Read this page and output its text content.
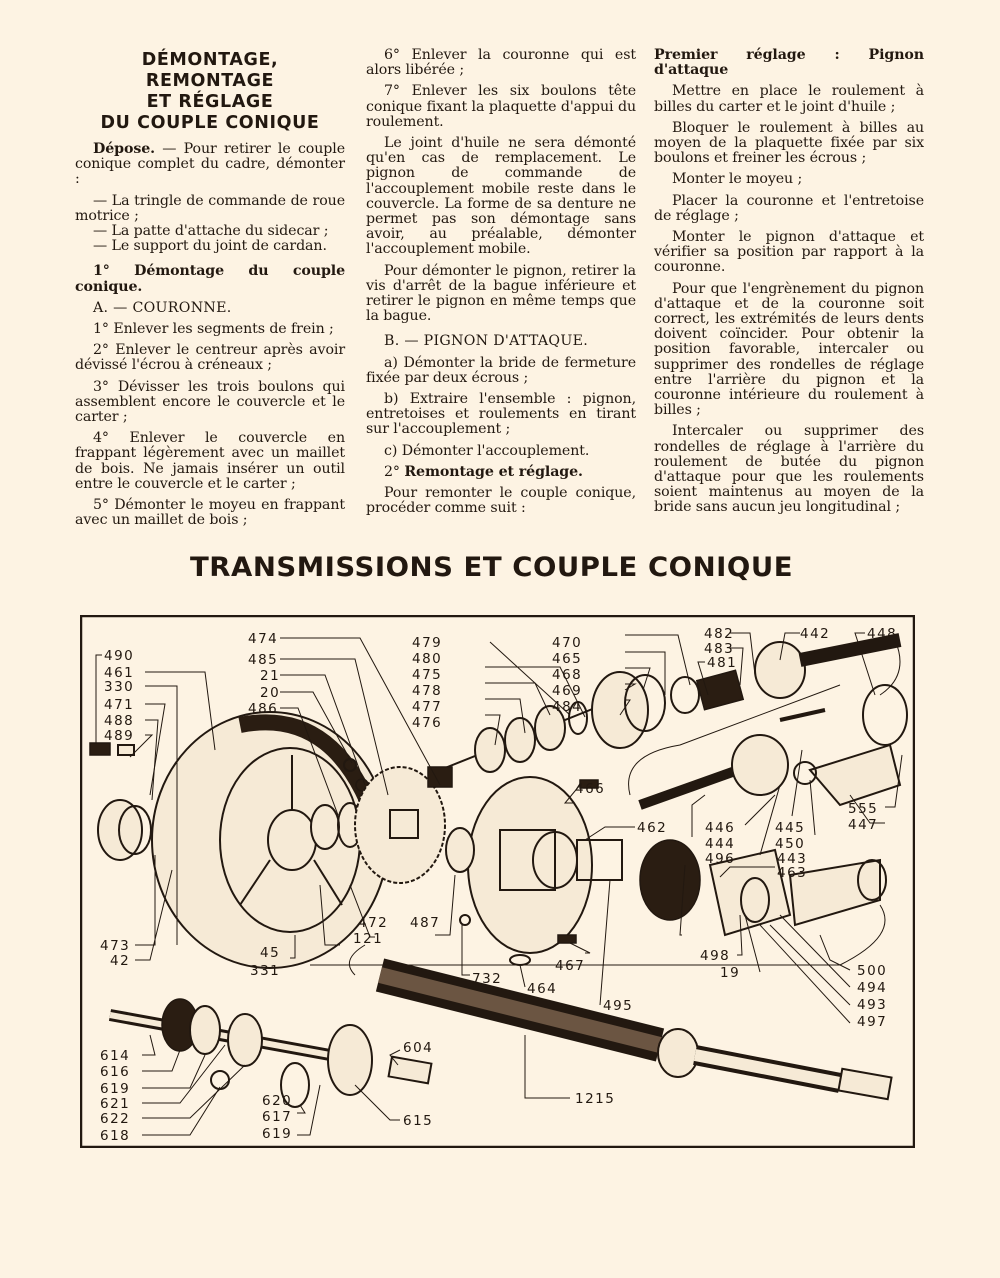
DÉMONTAGE, REMONTAGE
ET RÉGLAGE
DU COUPLE CONIQUE

Dépose. — Pour retirer le couple conique complet du cadre, démonter :

— La tringle de commande de roue motrice ;

— La patte d'attache du sidecar ;

— Le support du joint de cardan.

1° Démontage du couple conique.

A. — COURONNE.

1° Enlever les segments de frein ;

2° Enlever le centreur après avoir dévissé l'écrou à créneaux ;

3° Dévisser les trois boulons qui assemblent encore le couvercle et le carter ;

4° Enlever le couvercle en frappant légèrement avec un maillet de bois. Ne jamais insérer un outil entre le couvercle et le carter ;

5° Démonter le moyeu en frappant avec un maillet de bois ;

6° Enlever la couronne qui est alors libérée ;

7° Enlever les six boulons tête conique fixant la plaquette d'appui du roulement.

Le joint d'huile ne sera démonté qu'en cas de remplacement. Le pignon de commande de l'accouplement mobile reste dans le couvercle. La forme de sa denture ne permet pas son démontage sans avoir, au préalable, démonter l'accouplement mobile.

Pour démonter le pignon, retirer la vis d'arrêt de la bague inférieure et retirer le pignon en même temps que la bague.

B. — PIGNON D'ATTAQUE.

a) Démonter la bride de fermeture fixée par deux écrous ;

b) Extraire l'ensemble : pignon, entretoises et roulements en tirant sur l'accouplement ;

c) Démonter l'accouplement.

2° Remontage et réglage.

Pour remonter le couple conique, procéder comme suit :

Premier réglage : Pignon d'attaque

Mettre en place le roulement à billes du carter et le joint d'huile ;

Bloquer le roulement à billes au moyen de la plaquette fixée par six boulons et freiner les écrous ;

Monter le moyeu ;

Placer la couronne et l'entretoise de réglage ;

Monter le pignon d'attaque et vérifier sa position par rapport à la couronne.

Pour que l'engrènement du pignon d'attaque et de la couronne soit correct, les extrémités de leurs dents doivent coïncider. Pour obtenir la position favorable, intercaler ou supprimer des rondelles de réglage entre l'arrière du pignon et la couronne intérieure du roulement à billes ;

Intercaler ou supprimer des rondelles de réglage à l'arrière du roulement de butée du pignon d'attaque pour que les roulements soient maintenus au moyen de la bride sans aucun jeu longitudinal ;

TRANSMISSIONS ET COUPLE CONIQUE
490
461
330
471
488
489
474
485
21
20
486
479
480
475
478
477
476
470
465
468
469
484
482
483
481
442	448
466
462	446
444
496
445
450
443
463
555
447
473
42	45
331
121
472 487
732
464
467
495
498
19	500
494
493
497
614
616
619
621
622
618
620
617
619
604
615
1215
